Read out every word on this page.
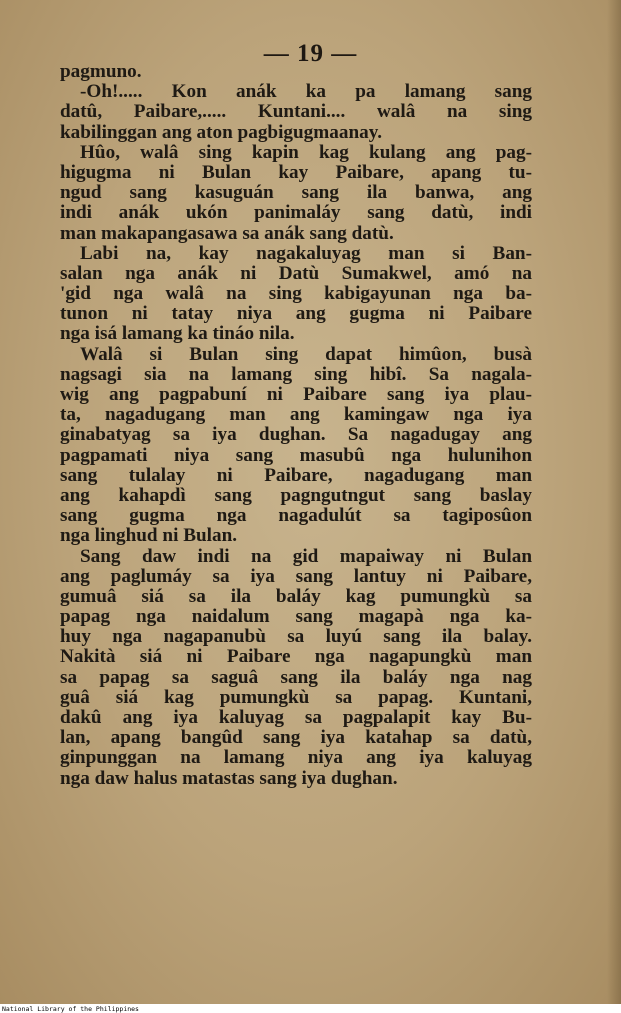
— 19 —
pagmuno.
-Oh!..... Kon anák ka pa lamang sang
datû, Paibare,..... Kuntani.... walâ na sing
kabilinggan ang aton pagbigugmaanay.
Hûo, walâ sing kapin kag kulang ang pag-
higugma ni Bulan kay Paibare, apang tu-
ngud sang kasuguán sang ila banwa, ang
indi anák ukón panimaláy sang datù, indi
man makapangasawa sa anák sang datù.
Labi na, kay nagakaluyag man si Ban-
salan nga anák ni Datù Sumakwel, amó na
'gid nga walâ na sing kabigayunan nga ba-
tunon ni tatay niya ang gugma ni Paibare
nga isá lamang ka tináo nila.
Walâ si Bulan sing dapat himûon, busà
nagsagi sia na lamang sing hibî. Sa nagala-
wig ang pagpabuní ni Paibare sang iya plau-
ta, nagadugang man ang kamingaw nga iya
ginabatyag sa iya dughan. Sa nagadugay ang
pagpamati niya sang masubû nga hulunihon
sang tulalay ni Paibare, nagadugang man
ang kahapdì sang pagngutngut sang baslay
sang gugma nga nagadulút sa tagiposûon
nga linghud ni Bulan.
Sang daw indi na gid mapaiway ni Bulan
ang paglumáy sa iya sang lantuy ni Paibare,
gumuâ siá sa ila baláy kag pumungkù sa
papag nga naidalum sang magapà nga ka-
huy nga nagapanubù sa luyú sang ila balay.
Nakità siá ni Paibare nga nagapungkù man
sa papag sa saguâ sang ila baláy nga nag
guâ siá kag pumungkù sa papag. Kuntani,
dakû ang iya kaluyag sa pagpalapit kay Bu-
lan, apang bangûd sang iya katahap sa datù,
ginpunggan na lamang niya ang iya kaluyag
nga daw halus matastas sang iya dughan.
National Library of the Philippines
